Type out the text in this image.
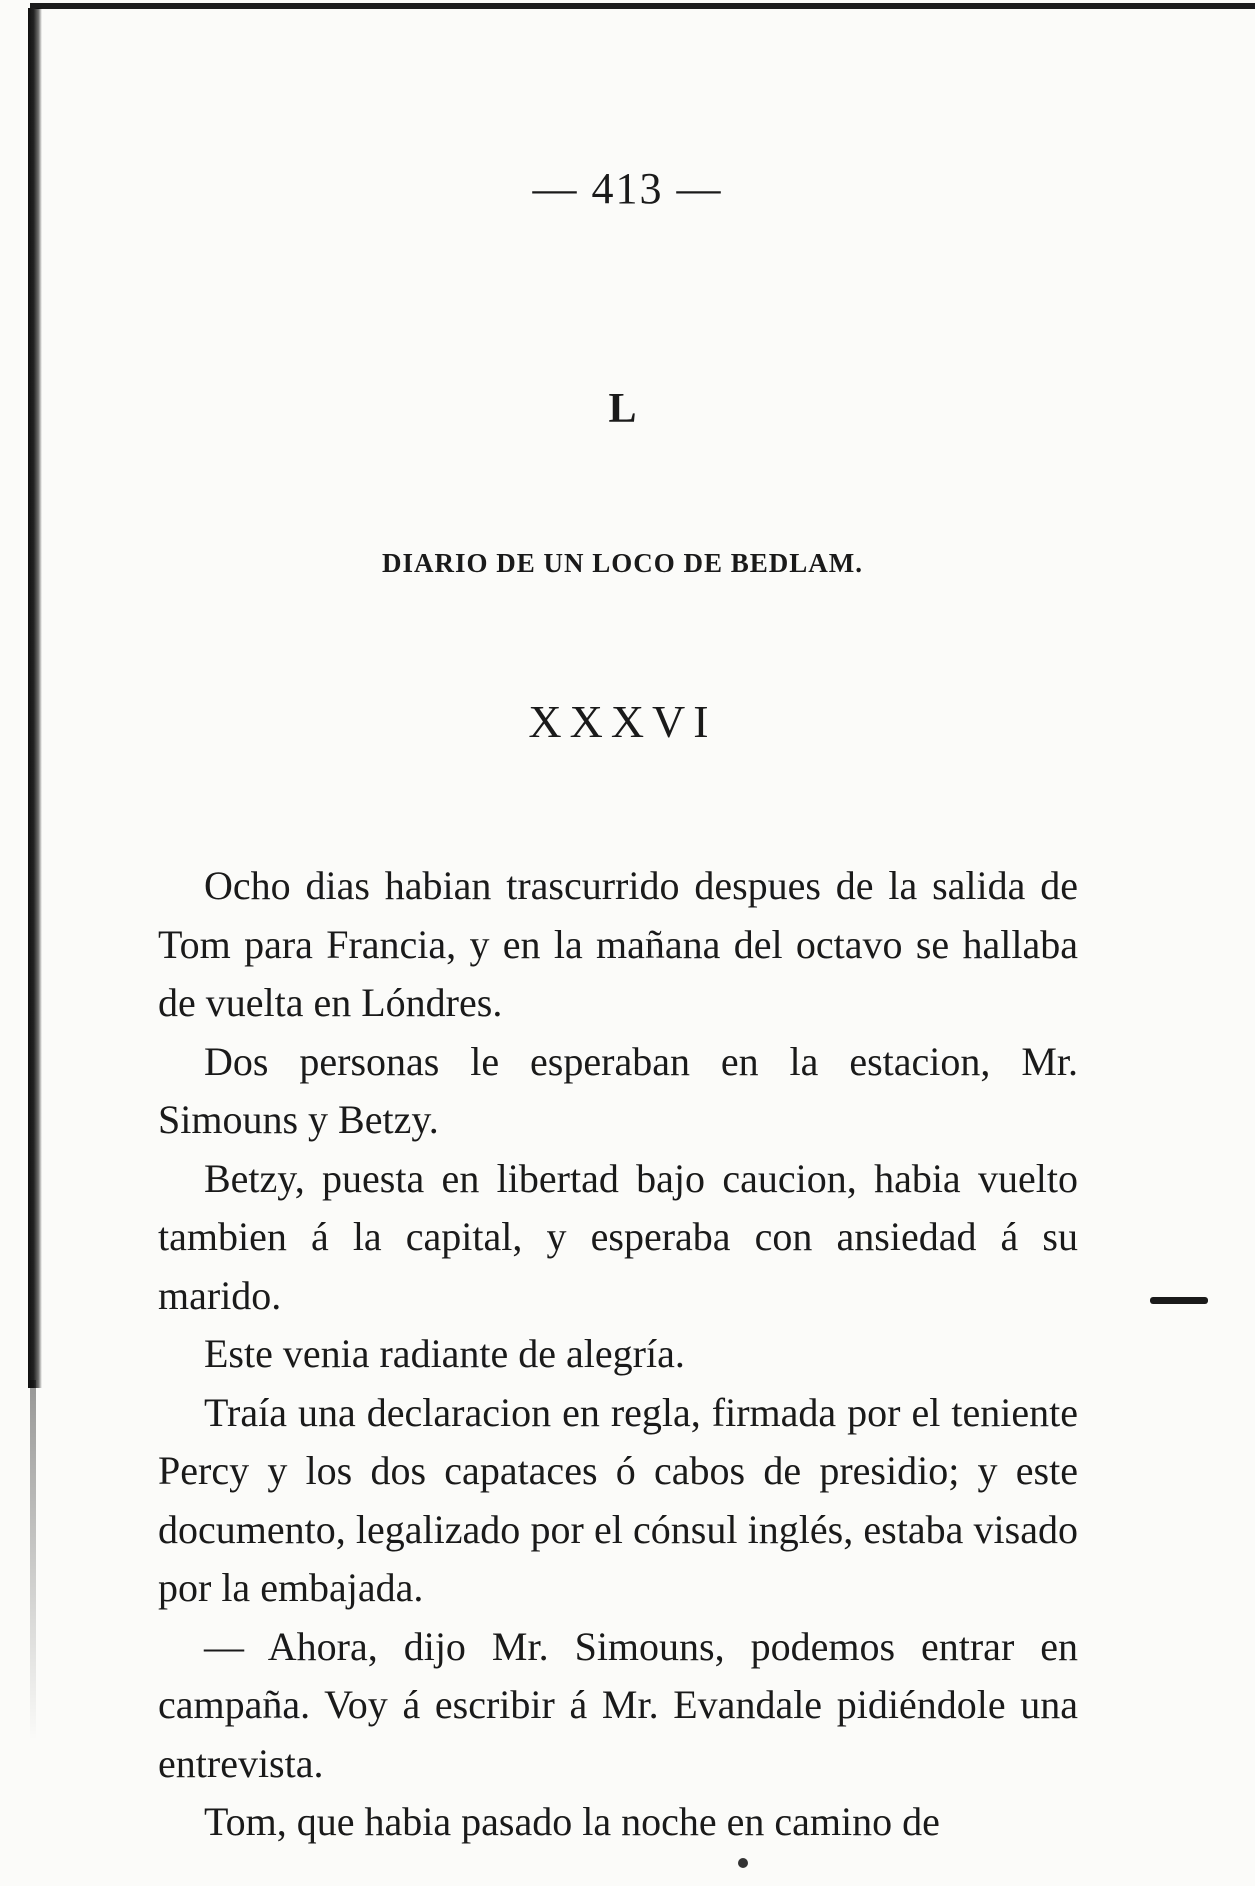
— 413 —
L
DIARIO DE UN LOCO DE BEDLAM.
XXXVI

Ocho dias habian trascurrido despues de la salida de Tom para Francia, y en la mañana del octavo se hallaba de vuelta en Lóndres.

Dos personas le esperaban en la estacion, Mr. Simouns y Betzy.

Betzy, puesta en libertad bajo caucion, habia vuelto tambien á la capital, y esperaba con ansiedad á su marido.

Este venia radiante de alegría.

Traía una declaracion en regla, firmada por el teniente Percy y los dos capataces ó cabos de presidio; y este documento, legalizado por el cónsul inglés, estaba visado por la embajada.

— Ahora, dijo Mr. Simouns, podemos entrar en campaña. Voy á escribir á Mr. Evandale pidiéndole una entrevista.

Tom, que habia pasado la noche en camino de
